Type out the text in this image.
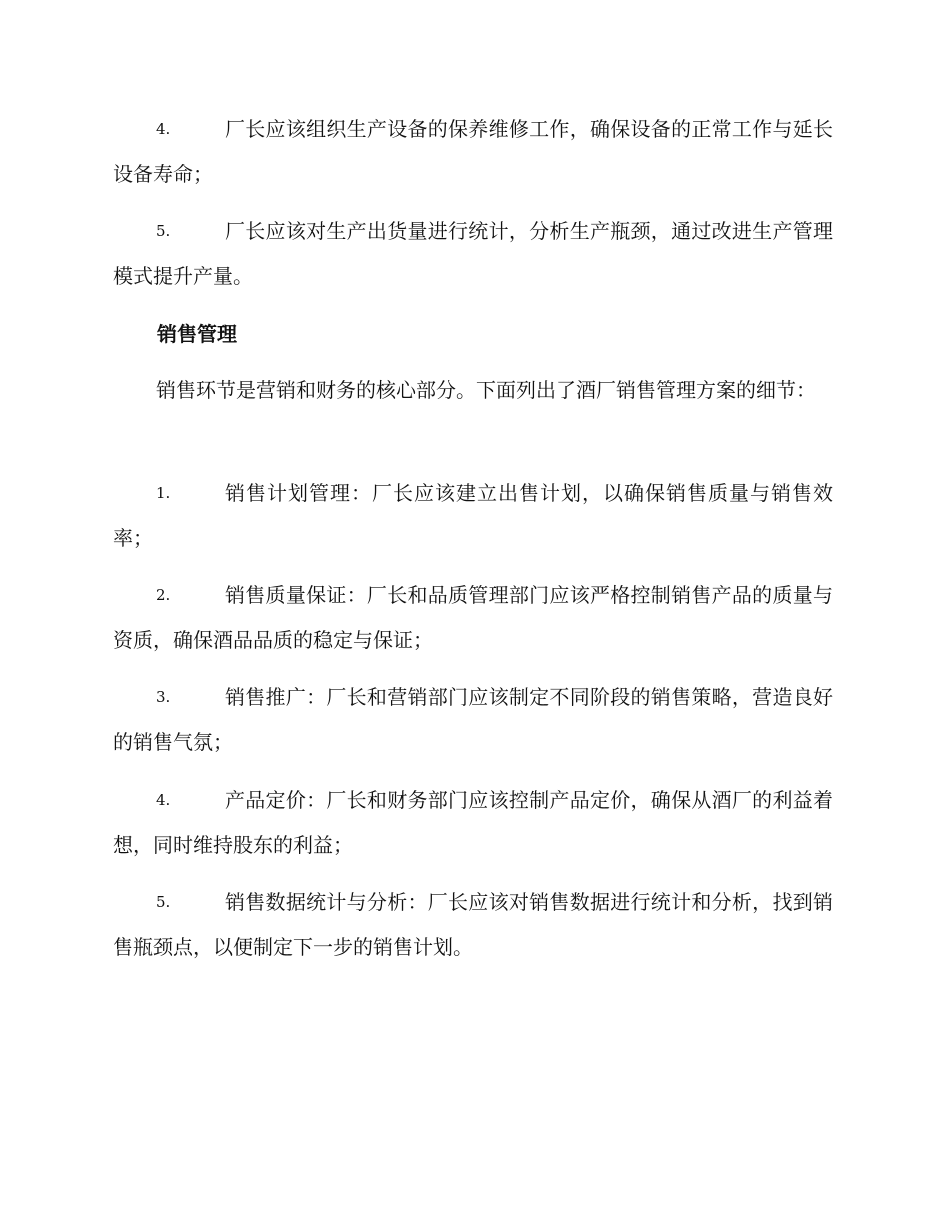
4.	厂长应该组织生产设备的保养维修工作，确保设备的正常工作与延长设备寿命；
5.	厂长应该对生产出货量进行统计，分析生产瓶颈，通过改进生产管理模式提升产量。
销售管理

销售环节是营销和财务的核心部分。下面列出了酒厂销售管理方案的细节：

1.	销售计划管理：厂长应该建立出售计划，以确保销售质量与销售效率；
2.	销售质量保证：厂长和品质管理部门应该严格控制销售产品的质量与资质，确保酒品品质的稳定与保证；
3.	销售推广：厂长和营销部门应该制定不同阶段的销售策略，营造良好的销售气氛；
4.	产品定价：厂长和财务部门应该控制产品定价，确保从酒厂的利益着想，同时维持股东的利益；
5.	销售数据统计与分析：厂长应该对销售数据进行统计和分析，找到销售瓶颈点，以便制定下一步的销售计划。
